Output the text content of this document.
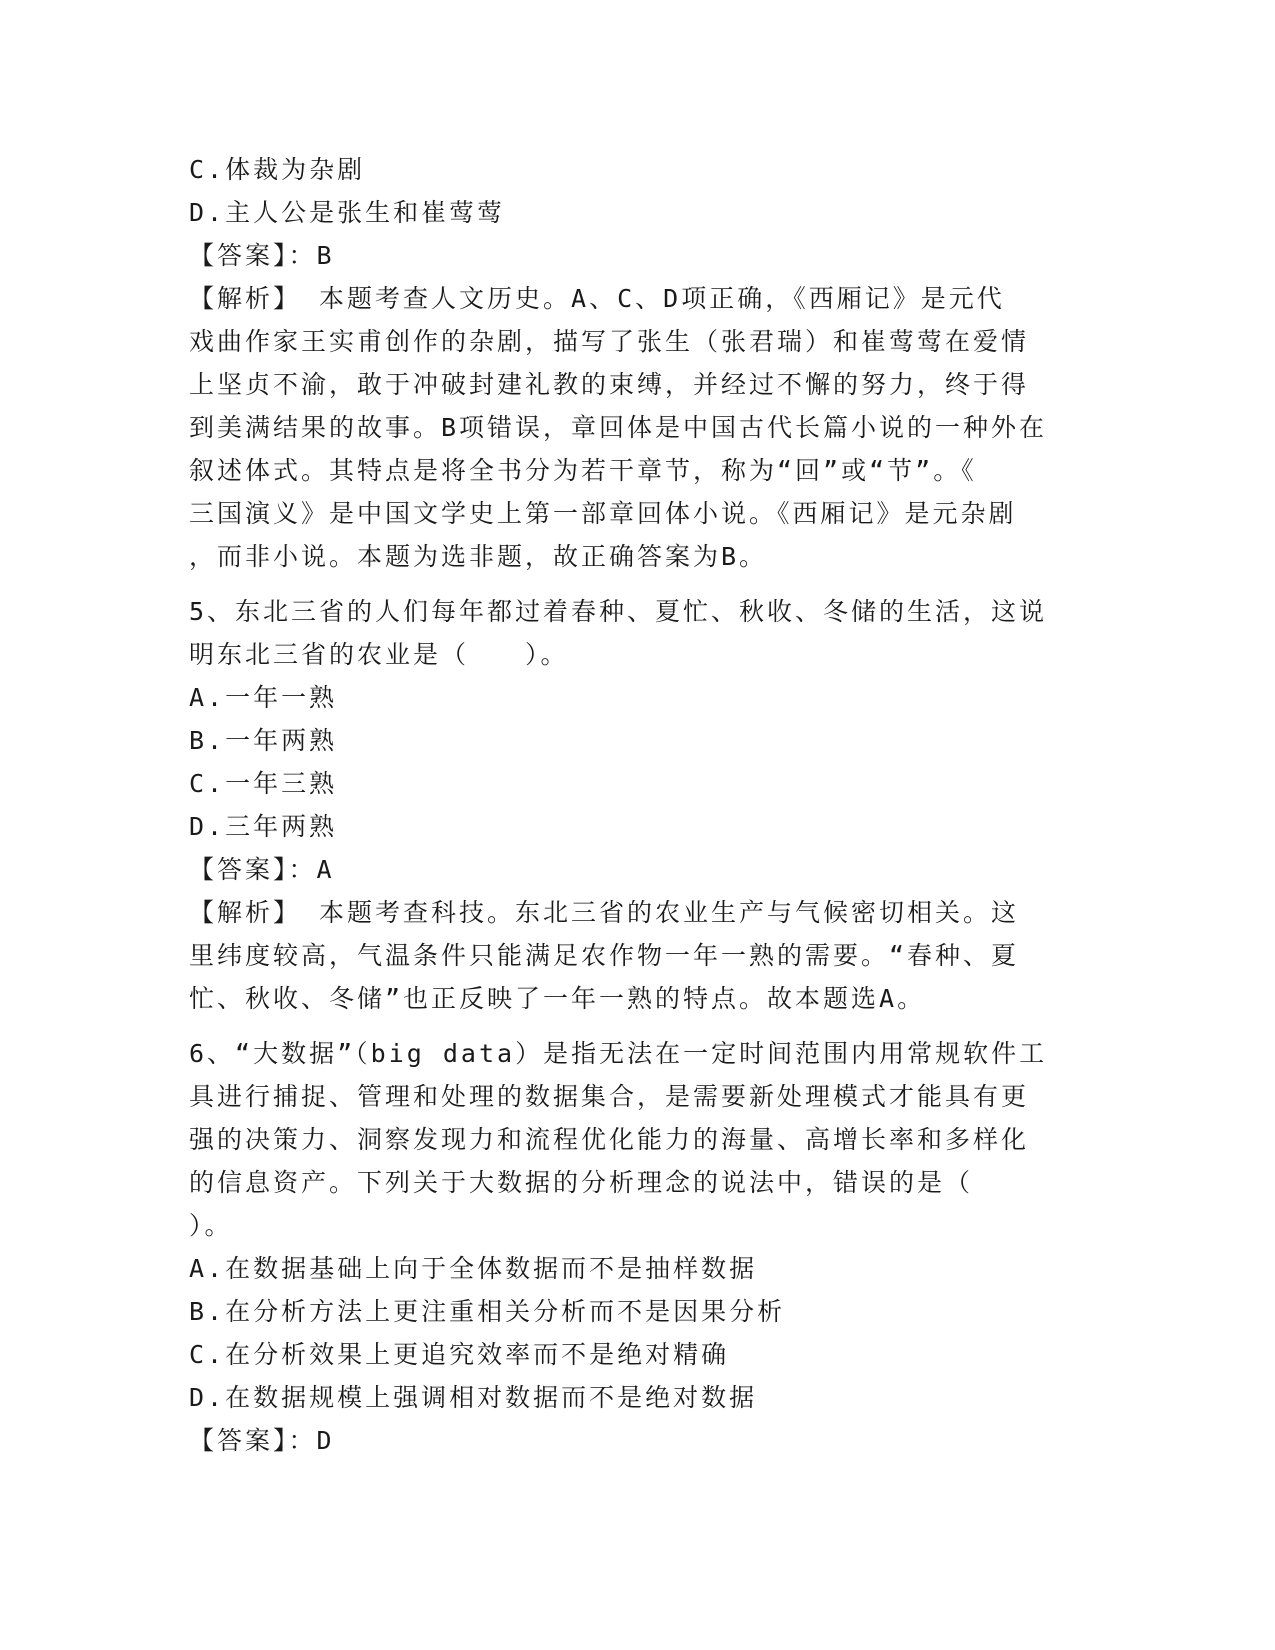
C.体裁为杂剧
D.主人公是张生和崔莺莺
【答案】：B
【解析】 本题考查人文历史。A、C、D项正确，《西厢记》是元代
戏曲作家王实甫创作的杂剧，描写了张生（张君瑞）和崔莺莺在爱情
上坚贞不渝，敢于冲破封建礼教的束缚，并经过不懈的努力，终于得
到美满结果的故事。B项错误，章回体是中国古代长篇小说的一种外在
叙述体式。其特点是将全书分为若干章节，称为“回”或“节”。《
三国演义》是中国文学史上第一部章回体小说。《西厢记》是元杂剧
，而非小说。本题为选非题，故正确答案为B。
5、东北三省的人们每年都过着春种、夏忙、秋收、冬储的生活，这说
明东北三省的农业是（　　）。
A.一年一熟
B.一年两熟
C.一年三熟
D.三年两熟
【答案】：A
【解析】 本题考查科技。东北三省的农业生产与气候密切相关。这
里纬度较高，气温条件只能满足农作物一年一熟的需要。“春种、夏
忙、秋收、冬储”也正反映了一年一熟的特点。故本题选A。
6、“大数据”（big data）是指无法在一定时间范围内用常规软件工
具进行捕捉、管理和处理的数据集合，是需要新处理模式才能具有更
强的决策力、洞察发现力和流程优化能力的海量、高增长率和多样化
的信息资产。下列关于大数据的分析理念的说法中，错误的是（
）。
A.在数据基础上向于全体数据而不是抽样数据
B.在分析方法上更注重相关分析而不是因果分析
C.在分析效果上更追究效率而不是绝对精确
D.在数据规模上强调相对数据而不是绝对数据
【答案】：D
